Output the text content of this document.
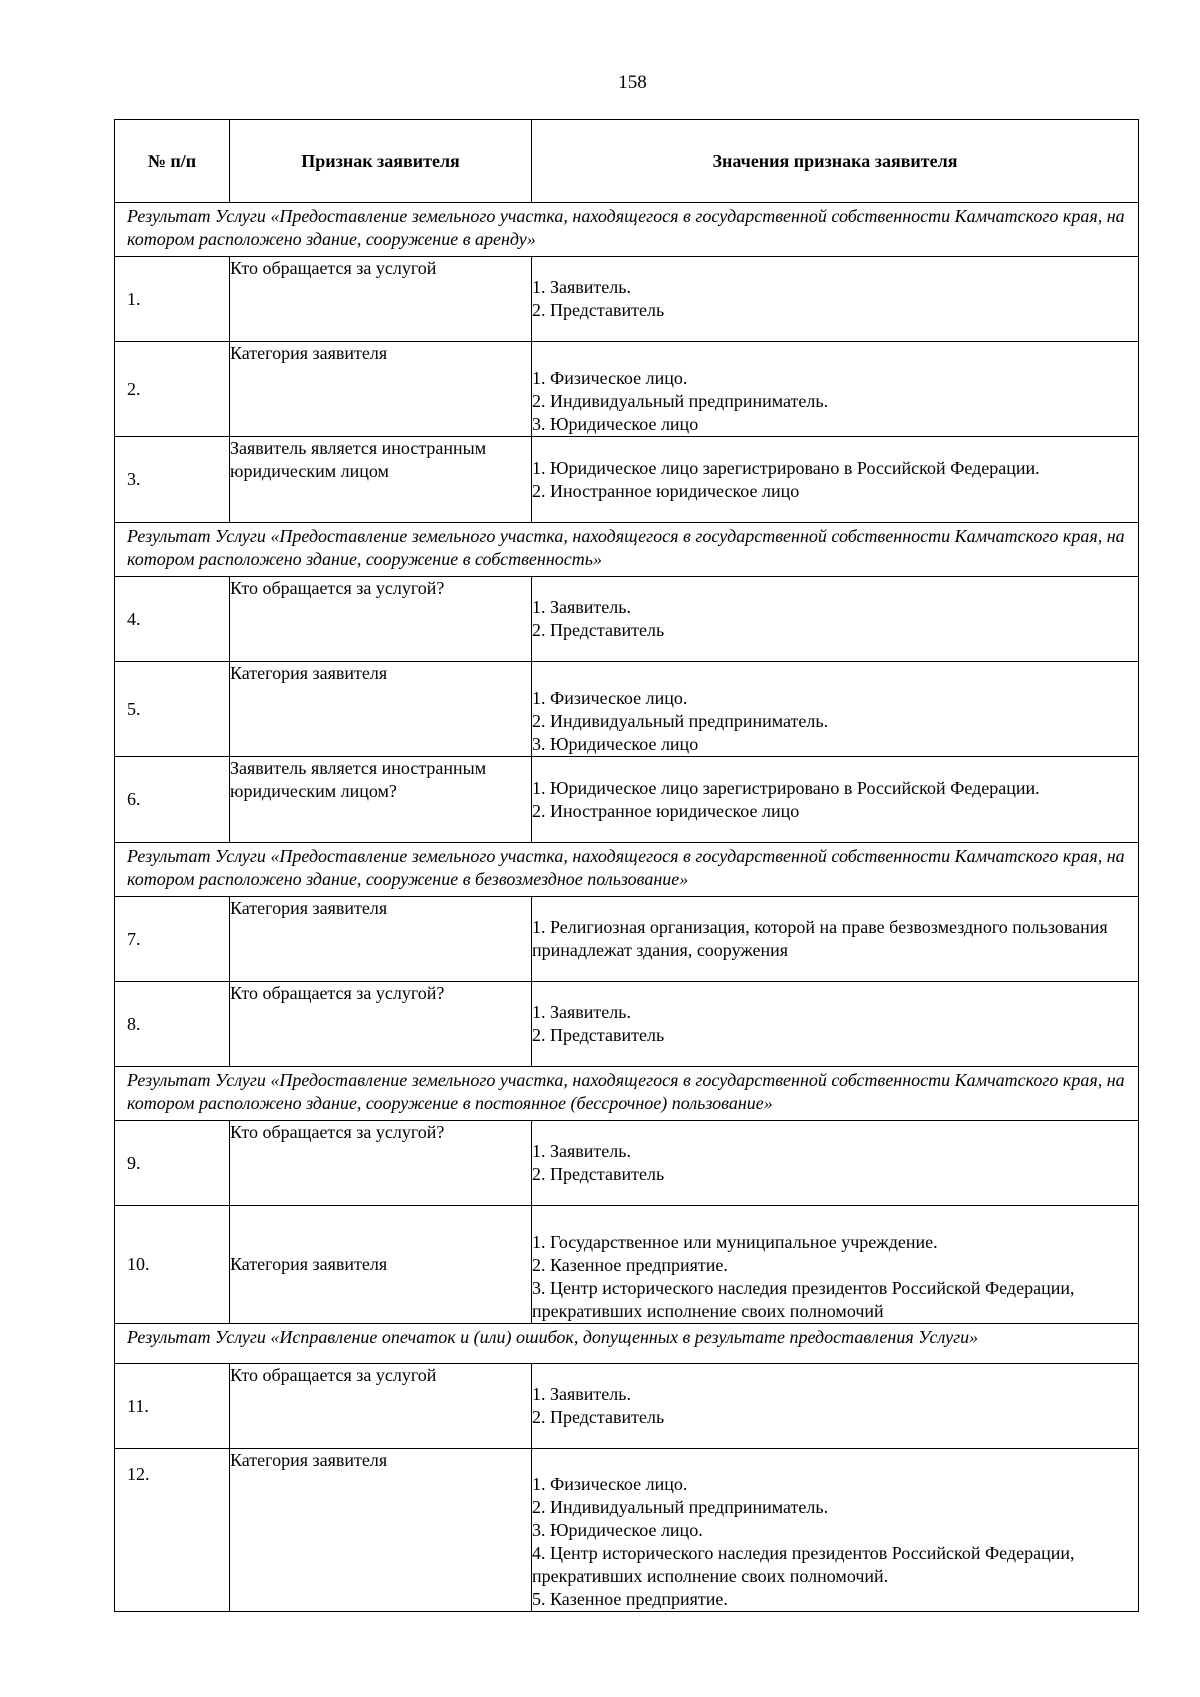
158
№ п/п	Признак заявителя	Значения признака заявителя
Результат Услуги «Предоставление земельного участка, находящегося в государственной собственности Камчатского края, на котором расположено здание, сооружение в аренду»		
1.	Кто обращается за услугой	1. Заявитель.
2. Представитель

2.	Категория заявителя	1. Физическое лицо.
2. Индивидуальный предприниматель.
3. Юридическое лицо

3.	Заявитель является иностранным юридическим лицом	1. Юридическое лицо зарегистрировано в Российской Федерации.
2. Иностранное юридическое лицо

Результат Услуги «Предоставление земельного участка, находящегося в государственной собственности Камчатского края, на котором расположено здание, сооружение в собственность»		
4.	Кто обращается за услугой?	1. Заявитель.
2. Представитель

5.	Категория заявителя	1. Физическое лицо.
2. Индивидуальный предприниматель.
3. Юридическое лицо

6.	Заявитель является иностранным юридическим лицом?	1. Юридическое лицо зарегистрировано в Российской Федерации.
2. Иностранное юридическое лицо

Результат Услуги «Предоставление земельного участка, находящегося в государственной собственности Камчатского края, на котором расположено здание, сооружение в безвозмездное пользование»		
7.	Категория заявителя	1. Религиозная организация, которой на праве безвозмездного пользования принадлежат здания, сооружения

8.	Кто обращается за услугой?	1. Заявитель.
2. Представитель

Результат Услуги «Предоставление земельного участка, находящегося в государственной собственности Камчатского края, на котором расположено здание, сооружение в постоянное (бессрочное) пользование»		
9.	Кто обращается за услугой?	1. Заявитель.
2. Представитель

10.	Категория заявителя	1. Государственное или муниципальное учреждение.
2. Казенное предприятие.
3. Центр исторического наследия президентов Российской Федерации, прекративших исполнение своих полномочий

Результат Услуги «Исправление опечаток и (или) ошибок, допущенных в результате предоставления Услуги»		
11.	Кто обращается за услугой	1. Заявитель.
2. Представитель

12.	Категория заявителя	1. Физическое лицо.
2. Индивидуальный предприниматель.
3. Юридическое лицо.
4. Центр исторического наследия президентов Российской Федерации, прекративших исполнение своих полномочий.
5. Казенное предприятие.
